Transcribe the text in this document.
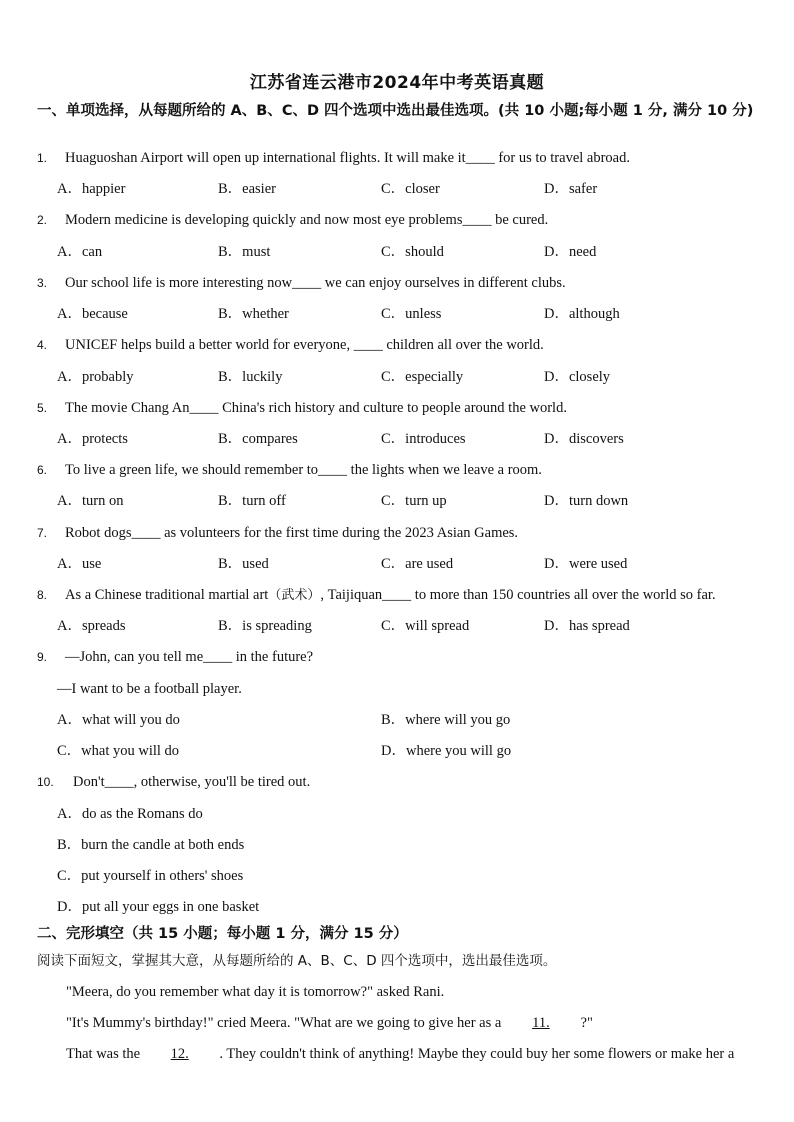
江苏省连云港市2024年中考英语真题
一、单项选择，从每题所给的 A、B、C、D 四个选项中选出最佳选项。(共 10 小题;每小题 1 分, 满分 10 分)
1. Huaguoshan Airport will open up international flights. It will make it____ for us to travel abroad.
A．happier	B．easier	C．closer	D．safer
2. Modern medicine is developing quickly and now most eye problems____ be cured.
A．can	B．must	C．should	D．need
3. Our school life is more interesting now____ we can enjoy ourselves in different clubs.
A．because	B．whether	C．unless	D．although
4. UNICEF helps build a better world for everyone, ____ children all over the world.
A．probably	B．luckily	C．especially	D．closely
5. The movie Chang An____ China's rich history and culture to people around the world.
A．protects	B．compares	C．introduces	D．discovers
6. To live a green life, we should remember to____ the lights when we leave a room.
A．turn on	B．turn off	C．turn up	D．turn down
7. Robot dogs____ as volunteers for the first time during the 2023 Asian Games.
A．use	B．used	C．are used	D．were used
8. As a Chinese traditional martial art（武术）, Taijiquan____ to more than 150 countries all over the world so far.
A．spreads	B．is spreading	C．will spread	D．has spread
9. —John, can you tell me____ in the future?
—I want to be a football player.
A．what will you do	B．where will you go
C．what you will do	D．where you will go
10. Don't____, otherwise, you'll be tired out.
A．do as the Romans do
B．burn the candle at both ends
C．put yourself in others' shoes
D．put all your eggs in one basket
二、完形填空（共 15 小题；每小题 1 分，满分 15 分）
阅读下面短文，掌握其大意，从每题所给的 A、B、C、D 四个选项中，选出最佳选项。
"Meera, do you remember what day it is tomorrow?" asked Rani.
"It's Mummy's birthday!" cried Meera. "What are we going to give her as a 11. ?"
That was the 12. . They couldn't think of anything! Maybe they could buy her some flowers or make her a
